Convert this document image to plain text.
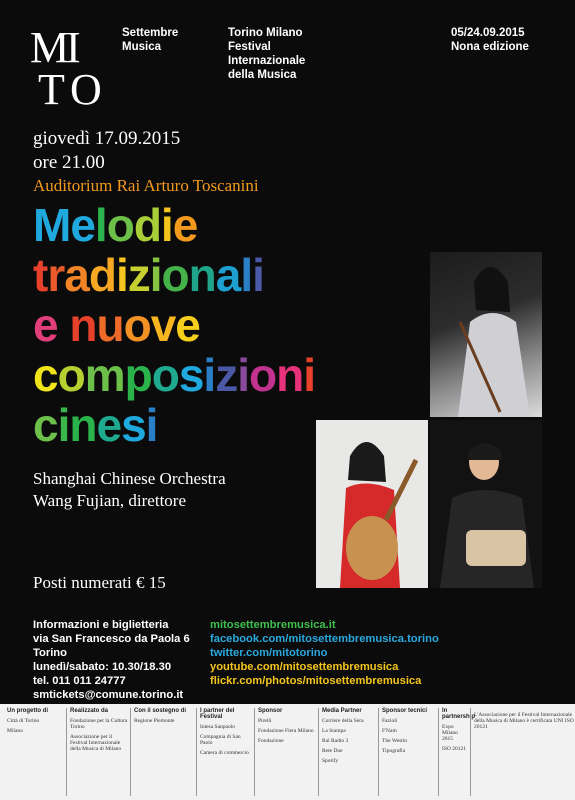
M
I
T O
Settembre
Musica
Torino Milano
Festival
Internazionale
della Musica
05/24.09.2015
Nona edizione
giovedì 17.09.2015
ore 21.00
Auditorium Rai Arturo Toscanini
Melodie
tradizionali
e nuove
composizioni
cinesi
Shanghai Chinese Orchestra
Wang Fujian, direttore
Posti numerati € 15
Informazioni e biglietteria
via San Francesco da Paola 6
Torino
lunedì/sabato: 10.30/18.30
tel. 011 011 24777
smtickets@comune.torino.it
mitosettembremusica.it
facebook.com/mitosettembremusica.torino
twitter.com/mitotorino
youtube.com/mitosettembremusica
flickr.com/photos/mitosettembremusica
Un progetto di
Città di Torino
Milano
Realizzato da
Fondazione per la Cultura Torino
Associazione per il Festival Internazionale della Musica di Milano
Con il sostegno di
Regione Piemonte
I partner del Festival
Intesa Sanpaolo
Compagnia di San Paolo
Camera di commercio
Sponsor
Pirelli
Fondazione Fiera Milano
Fondazione
Media Partner
Corriere della Sera
La Stampa
Rai Radio 3
Rete Due
Spotify
Sponsor tecnici
Fazioli
F'Nam
The Westin
Tipografia
In partnership
Expo Milano 2015
ISO 20121
L'Associazione per il Festival Internazionale della Musica di Milano è certificata UNI ISO 20121
